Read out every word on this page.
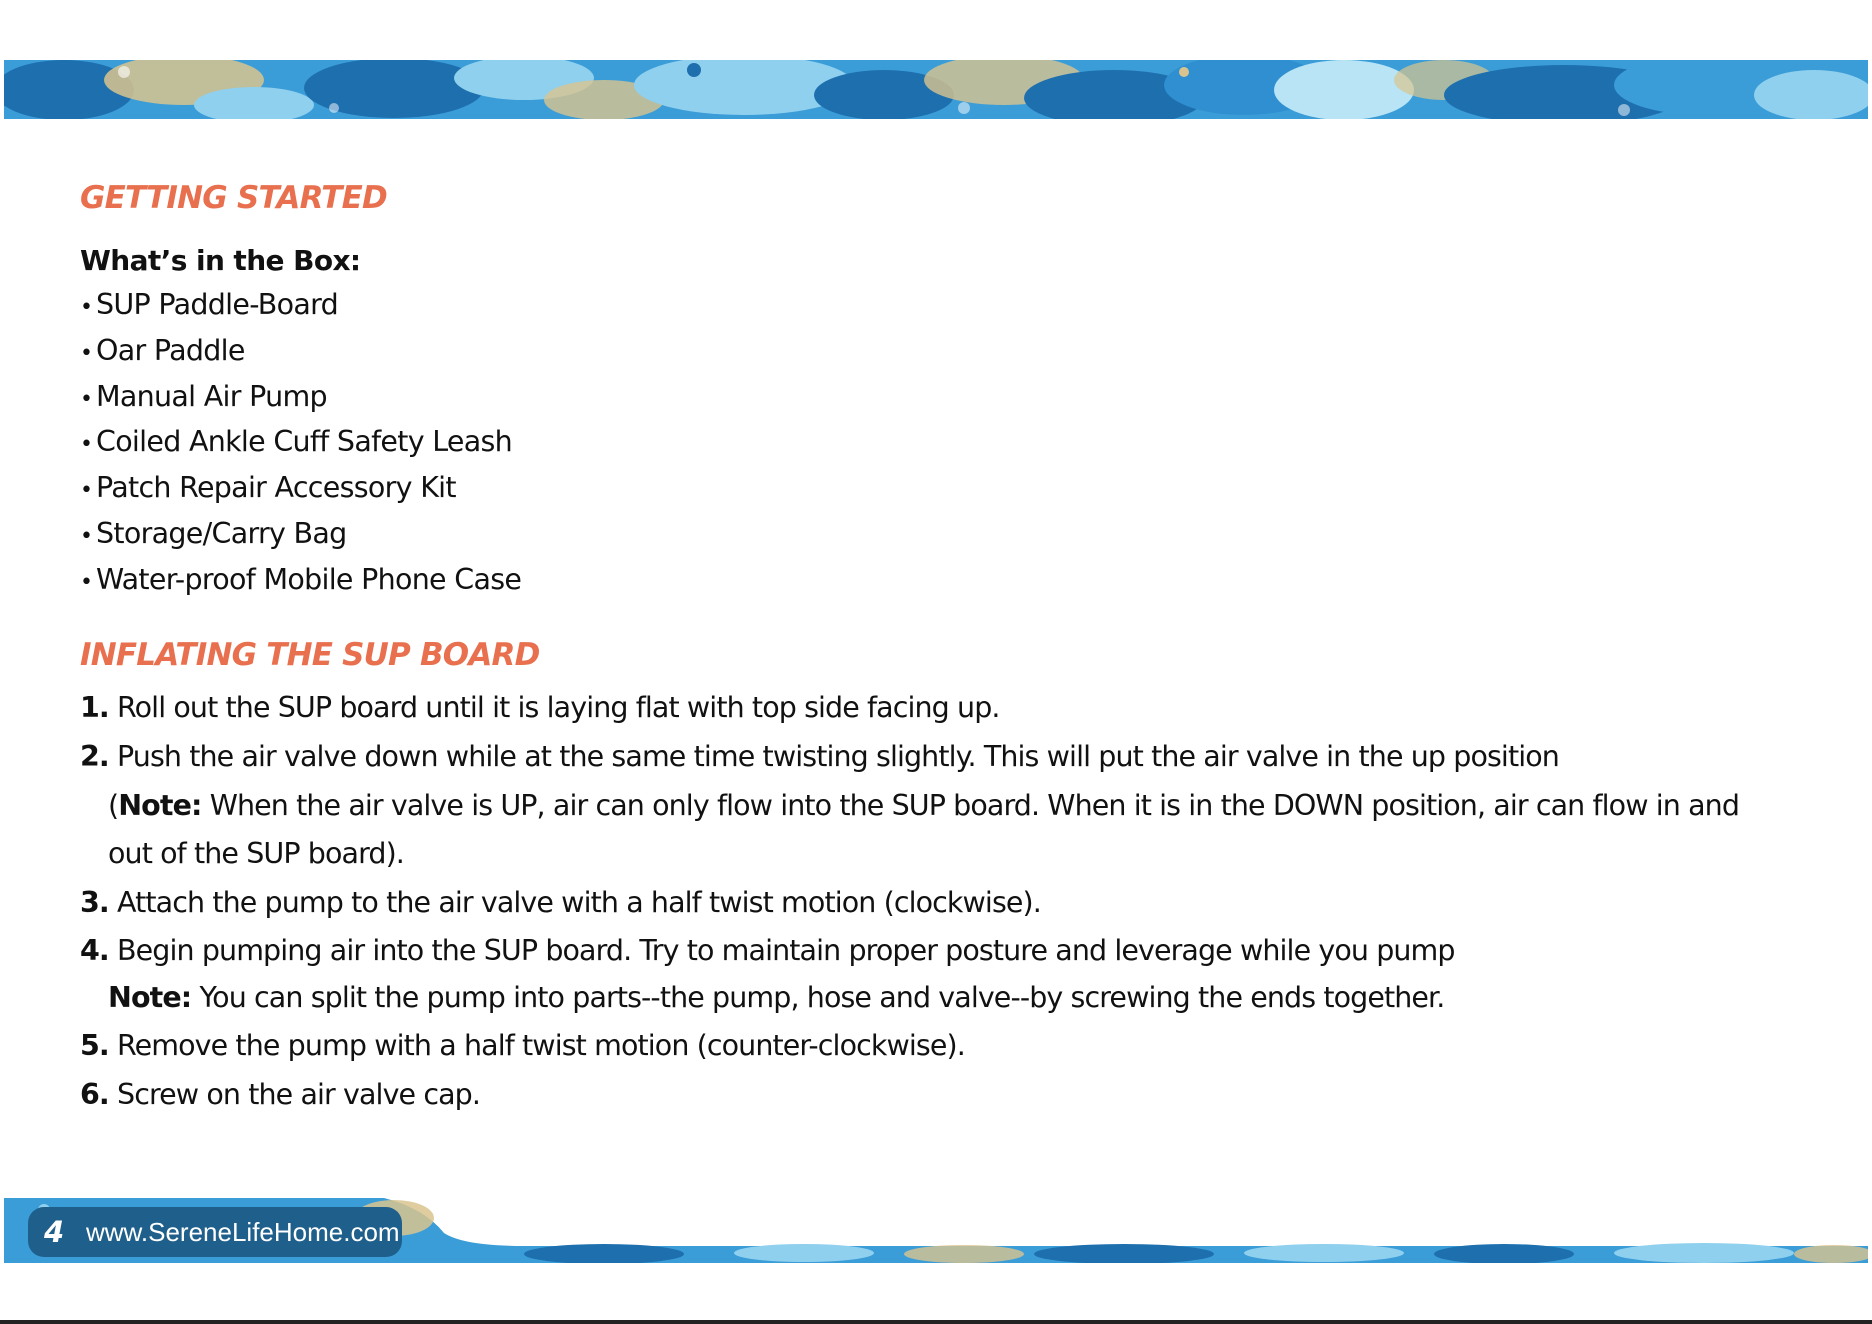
GETTING STARTED
What’s in the Box:
• SUP Paddle-Board
• Oar Paddle
• Manual Air Pump
• Coiled Ankle Cuff Safety Leash
• Patch Repair Accessory Kit
• Storage/Carry Bag
• Water-proof Mobile Phone Case
INFLATING THE SUP BOARD
1. Roll out the SUP board until it is laying flat with top side facing up.
2. Push the air valve down while at the same time twisting slightly. This will put the air valve in the up position
(Note: When the air valve is UP, air can only flow into the SUP board. When it is in the DOWN position, air can flow in and
out of the SUP board).
3. Attach the pump to the air valve with a half twist motion (clockwise).
4. Begin pumping air into the SUP board. Try to maintain proper posture and leverage while you pump
Note: You can split the pump into parts--the pump, hose and valve--by screwing the ends together.
5. Remove the pump with a half twist motion (counter-clockwise).
6. Screw on the air valve cap.
4 www.SereneLifeHome.com
